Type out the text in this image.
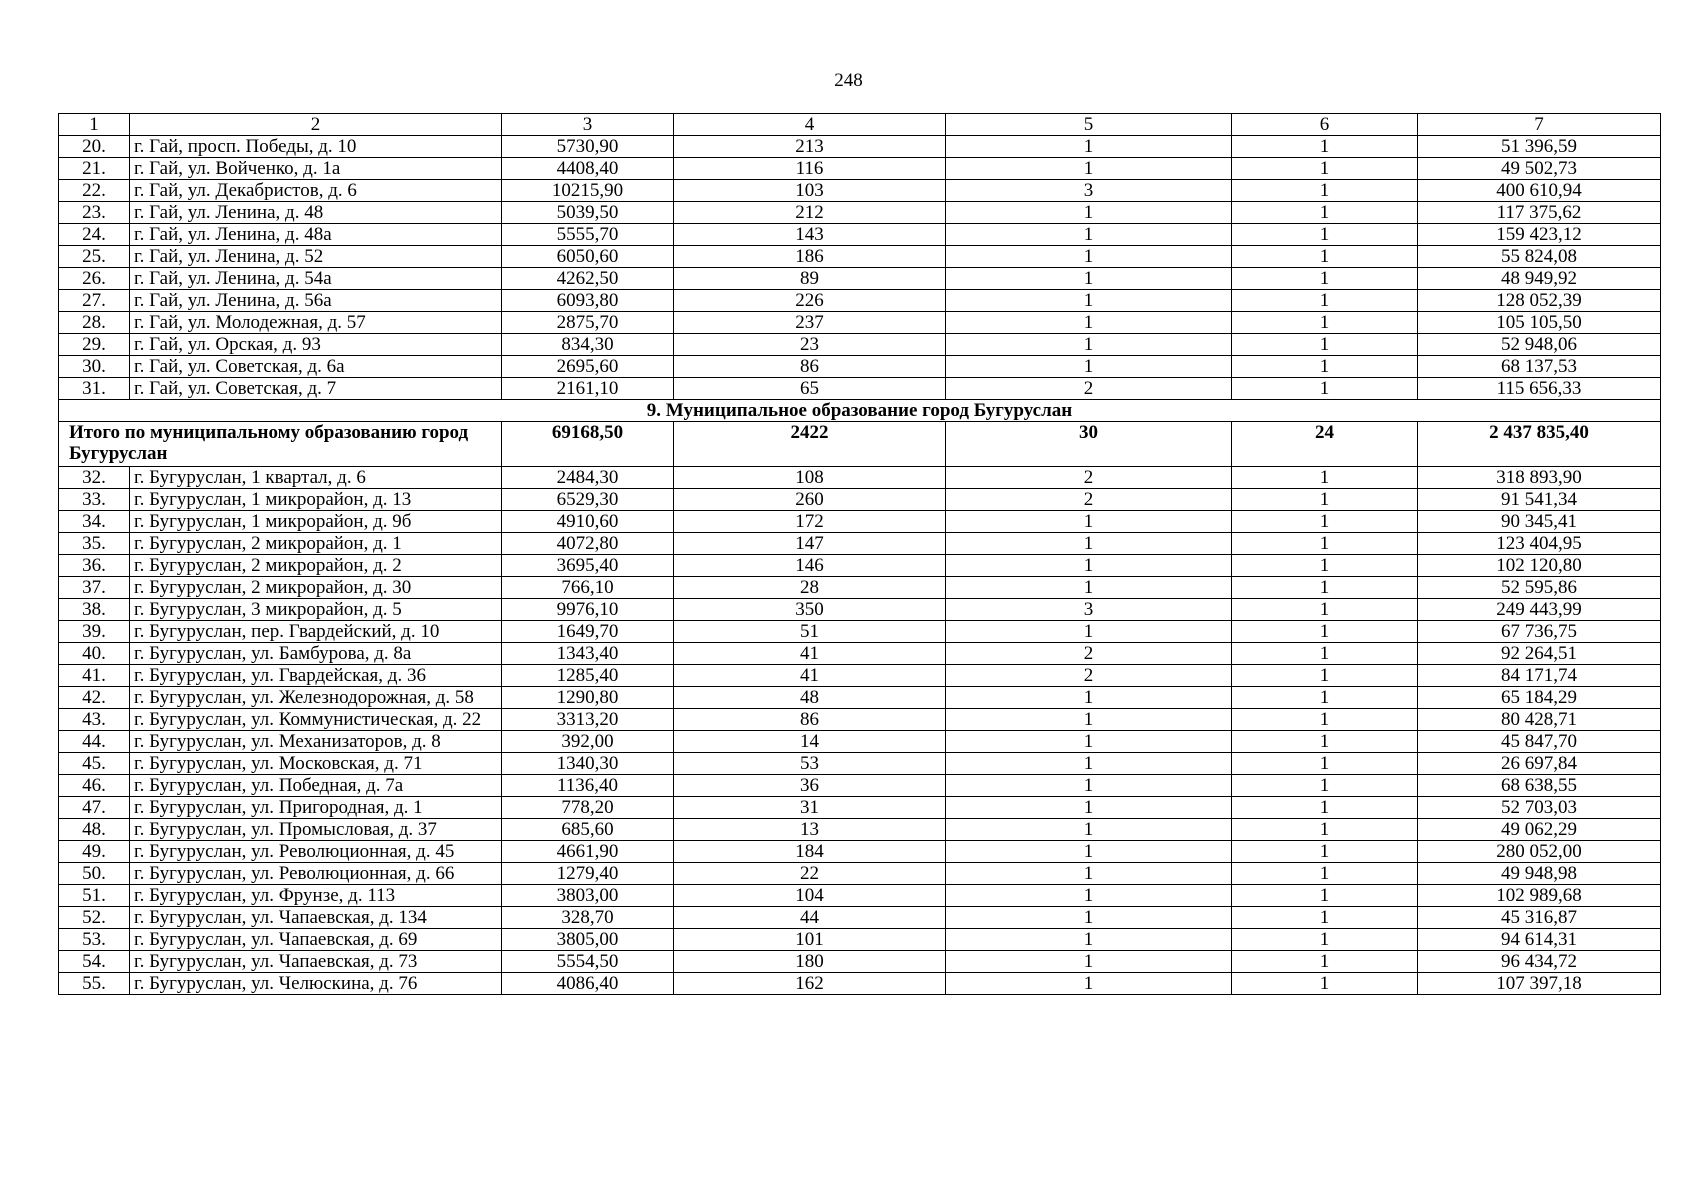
248
1	2	3	4	5	6	7
20.	г. Гай, просп. Победы, д. 10	5730,90	213	1	1	51 396,59
21.	г. Гай, ул. Войченко, д. 1а	4408,40	116	1	1	49 502,73
22.	г. Гай, ул. Декабристов, д. 6	10215,90	103	3	1	400 610,94
23.	г. Гай, ул. Ленина, д. 48	5039,50	212	1	1	117 375,62
24.	г. Гай, ул. Ленина, д. 48а	5555,70	143	1	1	159 423,12
25.	г. Гай, ул. Ленина, д. 52	6050,60	186	1	1	55 824,08
26.	г. Гай, ул. Ленина, д. 54а	4262,50	89	1	1	48 949,92
27.	г. Гай, ул. Ленина, д. 56а	6093,80	226	1	1	128 052,39
28.	г. Гай, ул. Молодежная, д. 57	2875,70	237	1	1	105 105,50
29.	г. Гай, ул. Орская, д. 93	834,30	23	1	1	52 948,06
30.	г. Гай, ул. Советская, д. 6а	2695,60	86	1	1	68 137,53
31.	г. Гай, ул. Советская, д. 7	2161,10	65	2	1	115 656,33
9. Муниципальное образование город Бугуруслан						
Итого по муниципальному образованию город Бугуруслан		69168,50	2422	30	24	2 437 835,40
32.	г. Бугуруслан, 1 квартал, д. 6	2484,30	108	2	1	318 893,90
33.	г. Бугуруслан, 1 микрорайон, д. 13	6529,30	260	2	1	91 541,34
34.	г. Бугуруслан, 1 микрорайон, д. 9б	4910,60	172	1	1	90 345,41
35.	г. Бугуруслан, 2 микрорайон, д. 1	4072,80	147	1	1	123 404,95
36.	г. Бугуруслан, 2 микрорайон, д. 2	3695,40	146	1	1	102 120,80
37.	г. Бугуруслан, 2 микрорайон, д. 30	766,10	28	1	1	52 595,86
38.	г. Бугуруслан, 3 микрорайон, д. 5	9976,10	350	3	1	249 443,99
39.	г. Бугуруслан, пер. Гвардейский, д. 10	1649,70	51	1	1	67 736,75
40.	г. Бугуруслан, ул. Бамбурова, д. 8а	1343,40	41	2	1	92 264,51
41.	г. Бугуруслан, ул. Гвардейская, д. 36	1285,40	41	2	1	84 171,74
42.	г. Бугуруслан, ул. Железнодорожная, д. 58	1290,80	48	1	1	65 184,29
43.	г. Бугуруслан, ул. Коммунистическая, д. 22	3313,20	86	1	1	80 428,71
44.	г. Бугуруслан, ул. Механизаторов, д. 8	392,00	14	1	1	45 847,70
45.	г. Бугуруслан, ул. Московская, д. 71	1340,30	53	1	1	26 697,84
46.	г. Бугуруслан, ул. Победная, д. 7а	1136,40	36	1	1	68 638,55
47.	г. Бугуруслан, ул. Пригородная, д. 1	778,20	31	1	1	52 703,03
48.	г. Бугуруслан, ул. Промысловая, д. 37	685,60	13	1	1	49 062,29
49.	г. Бугуруслан, ул. Революционная, д. 45	4661,90	184	1	1	280 052,00
50.	г. Бугуруслан, ул. Революционная, д. 66	1279,40	22	1	1	49 948,98
51.	г. Бугуруслан, ул. Фрунзе, д. 113	3803,00	104	1	1	102 989,68
52.	г. Бугуруслан, ул. Чапаевская, д. 134	328,70	44	1	1	45 316,87
53.	г. Бугуруслан, ул. Чапаевская, д. 69	3805,00	101	1	1	94 614,31
54.	г. Бугуруслан, ул. Чапаевская, д. 73	5554,50	180	1	1	96 434,72
55.	г. Бугуруслан, ул. Челюскина, д. 76	4086,40	162	1	1	107 397,18
